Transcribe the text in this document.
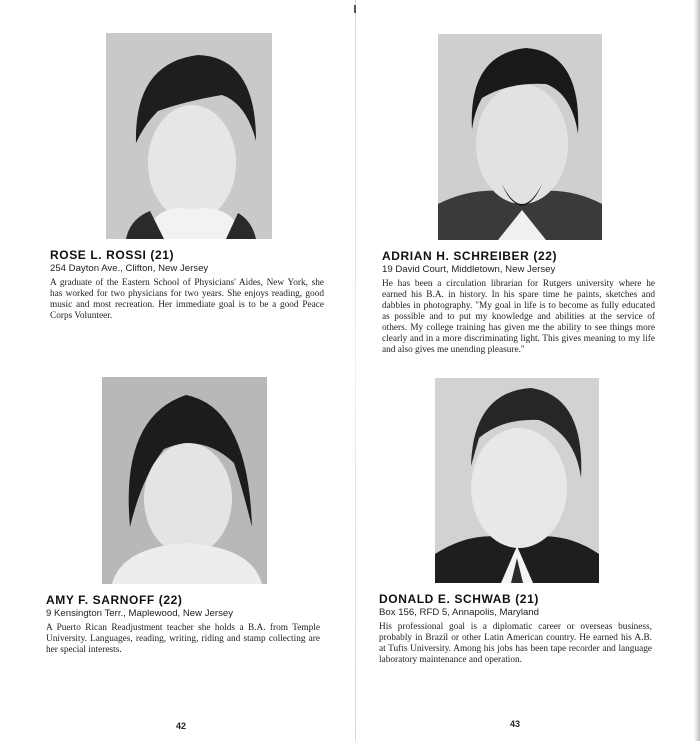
ROSE L. ROSSI (21)
254 Dayton Ave., Clifton, New Jersey
A graduate of the Eastern School of Physicians' Aides, New York, she has worked for two physicians for two years. She enjoys reading, good music and most recreation. Her immediate goal is to be a good Peace Corps Volunteer.
ADRIAN H. SCHREIBER (22)
19 David Court, Middletown, New Jersey
He has been a circulation librarian for Rutgers university where he earned his B.A. in history. In his spare time he paints, sketches and dabbles in photography. "My goal in life is to become as fully educated as possible and to put my knowledge and abilities at the service of others. My college training has given me the ability to see things more clearly and in a more discriminating light. This gives meaning to my life and also gives me unending pleasure."
AMY F. SARNOFF (22)
9 Kensington Terr., Maplewood, New Jersey
A Puerto Rican Readjustment teacher she holds a B.A. from Temple University. Languages, reading, writing, riding and stamp collecting are her special interests.
DONALD E. SCHWAB (21)
Box 156, RFD 5, Annapolis, Maryland
His professional goal is a diplomatic career or overseas business, probably in Brazil or other Latin American country. He earned his A.B. at Tufts University. Among his jobs has been tape recorder and language laboratory maintenance and operation.
42	43
